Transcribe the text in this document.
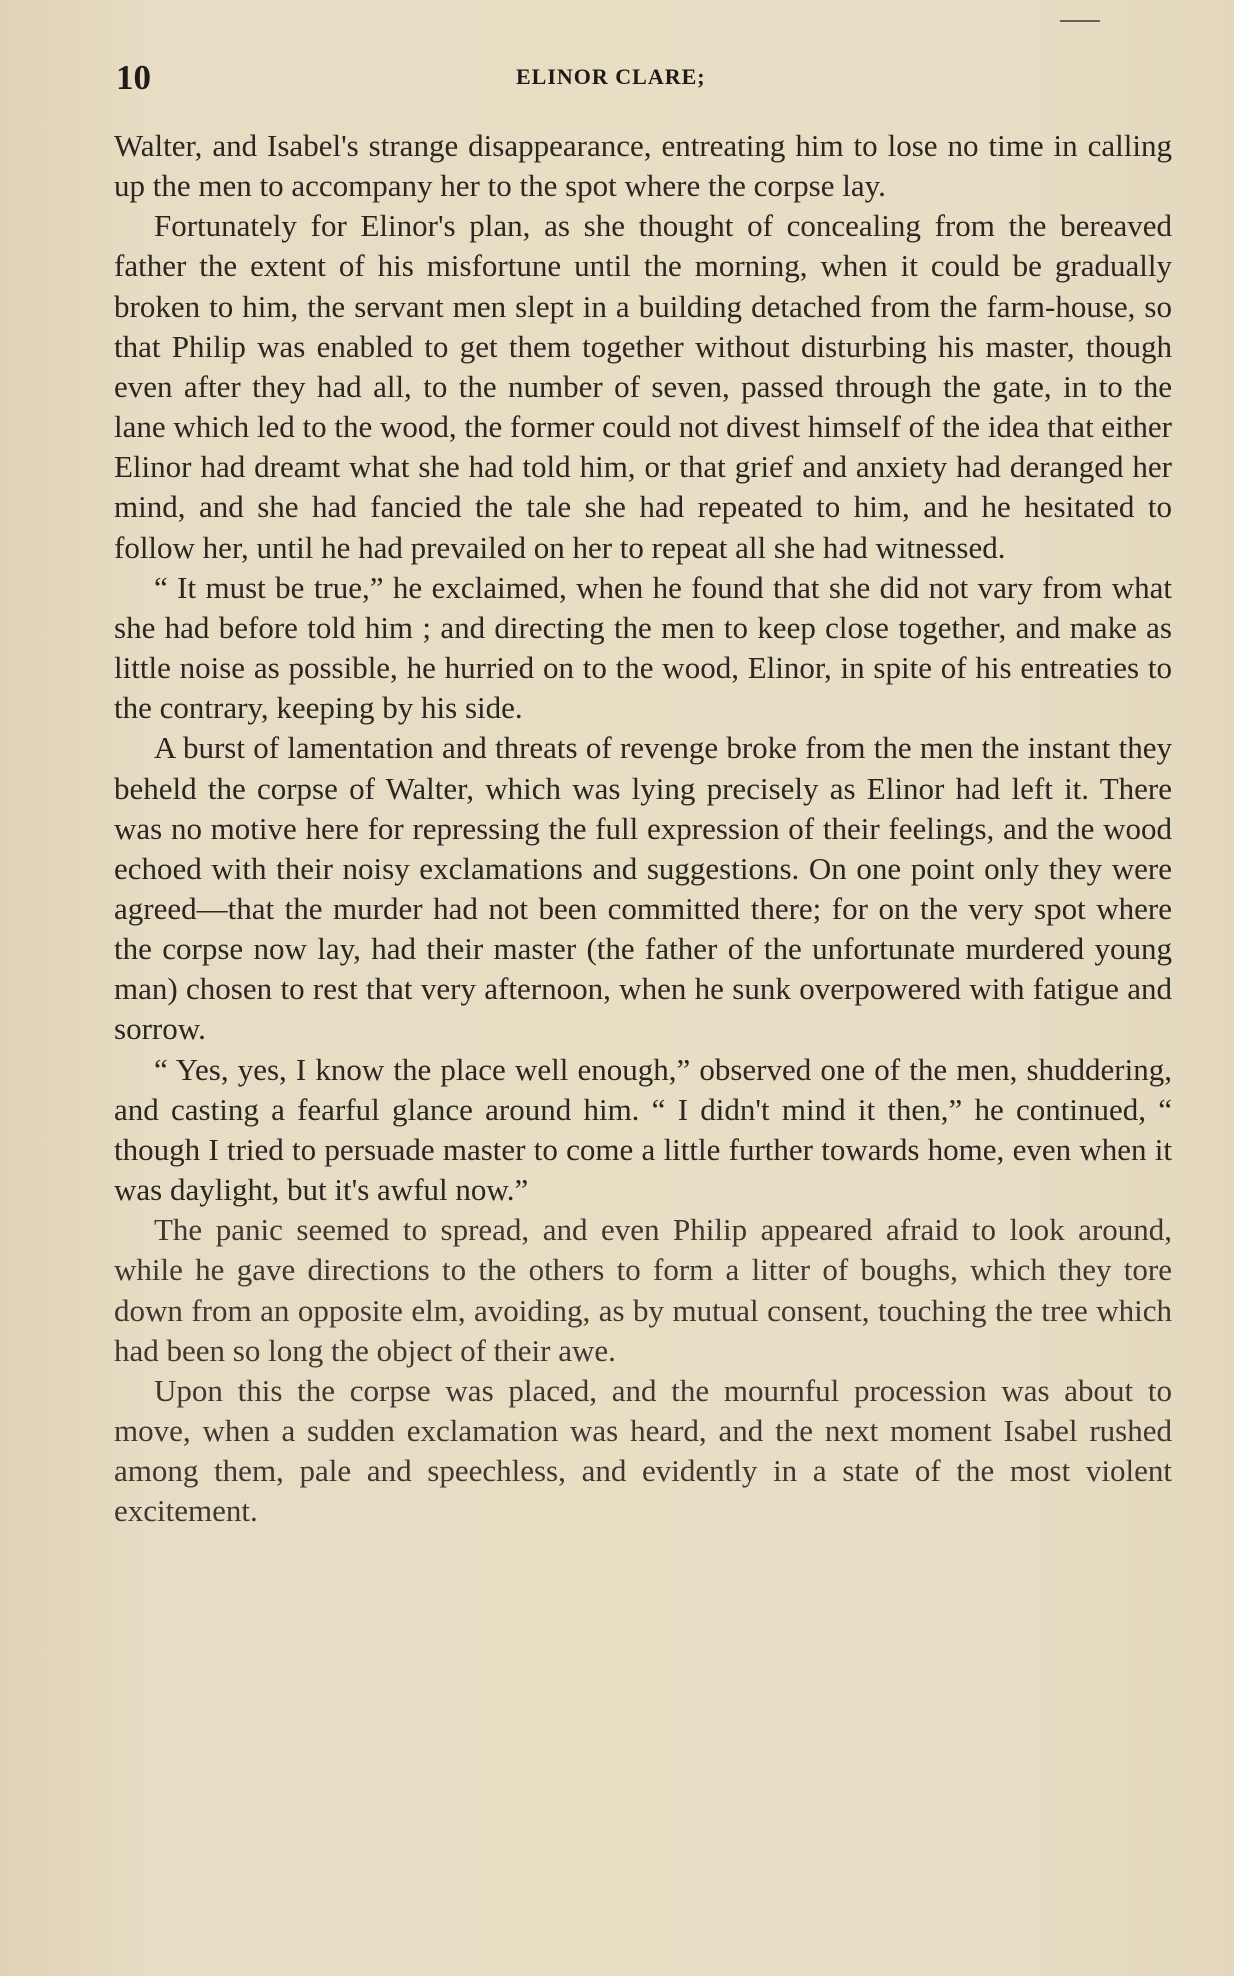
10	ELINOR CLARE;

Walter, and Isabel's strange disappearance, entreating him to lose no time in calling up the men to accompany her to the spot where the corpse lay.

Fortunately for Elinor's plan, as she thought of concealing from the bereaved father the extent of his misfortune until the morning, when it could be gradually broken to him, the servant men slept in a building detached from the farm-house, so that Philip was enabled to get them together without disturbing his master, though even after they had all, to the number of seven, passed through the gate, in to the lane which led to the wood, the former could not divest himself of the idea that either Elinor had dreamt what she had told him, or that grief and anxiety had deranged her mind, and she had fancied the tale she had repeated to him, and he hesitated to follow her, until he had prevailed on her to repeat all she had witnessed.

“ It must be true,” he exclaimed, when he found that she did not vary from what she had before told him ; and directing the men to keep close together, and make as little noise as possible, he hurried on to the wood, Elinor, in spite of his entreaties to the contrary, keeping by his side.

A burst of lamentation and threats of revenge broke from the men the instant they beheld the corpse of Walter, which was lying precisely as Elinor had left it. There was no motive here for repressing the full expression of their feelings, and the wood echoed with their noisy exclamations and suggestions. On one point only they were agreed—that the murder had not been committed there; for on the very spot where the corpse now lay, had their master (the father of the unfortunate murdered young man) chosen to rest that very afternoon, when he sunk overpowered with fatigue and sorrow.

“ Yes, yes, I know the place well enough,” observed one of the men, shuddering, and casting a fearful glance around him. “ I didn't mind it then,” he continued, “ though I tried to persuade master to come a little further towards home, even when it was daylight, but it's awful now.”

The panic seemed to spread, and even Philip appeared afraid to look around, while he gave directions to the others to form a litter of boughs, which they tore down from an opposite elm, avoiding, as by mutual consent, touching the tree which had been so long the object of their awe.

Upon this the corpse was placed, and the mournful procession was about to move, when a sudden exclamation was heard, and the next moment Isabel rushed among them, pale and speechless, and evidently in a state of the most violent excitement.
